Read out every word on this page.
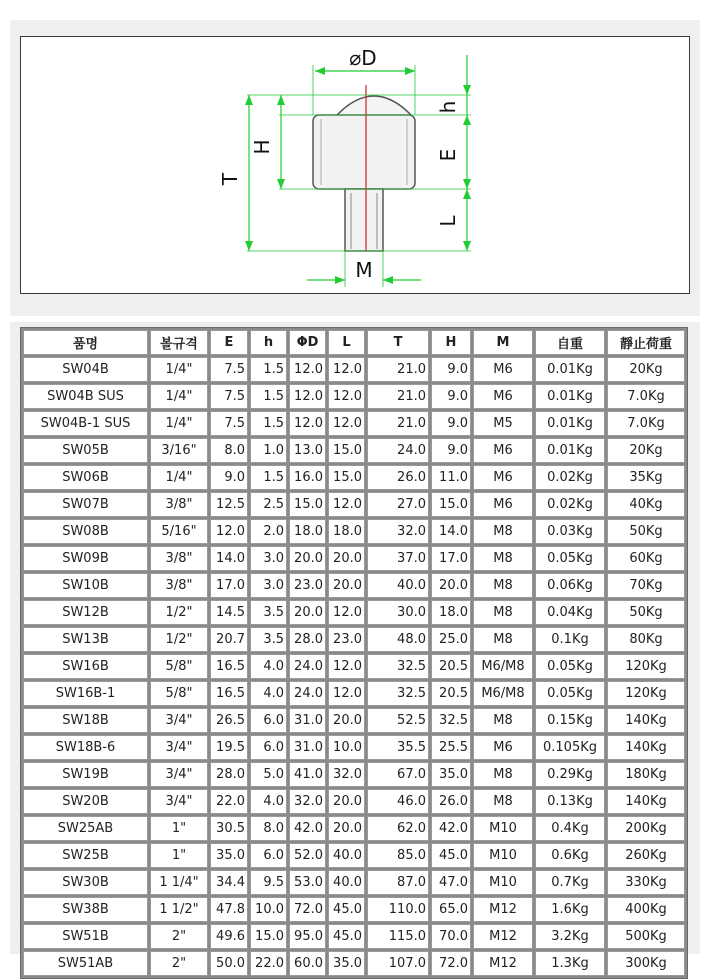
⌀D
h
E
L
T
H
M
품명	볼규격	E	h	ΦD	L	T	H	M	自重	靜止荷重
SW04B	1/4"	7.5	1.5	12.0	12.0	21.0	9.0	M6	0.01Kg	20Kg
SW04B SUS	1/4"	7.5	1.5	12.0	12.0	21.0	9.0	M6	0.01Kg	7.0Kg
SW04B-1 SUS	1/4"	7.5	1.5	12.0	12.0	21.0	9.0	M5	0.01Kg	7.0Kg
SW05B	3/16"	8.0	1.0	13.0	15.0	24.0	9.0	M6	0.01Kg	20Kg
SW06B	1/4"	9.0	1.5	16.0	15.0	26.0	11.0	M6	0.02Kg	35Kg
SW07B	3/8"	12.5	2.5	15.0	12.0	27.0	15.0	M6	0.02Kg	40Kg
SW08B	5/16"	12.0	2.0	18.0	18.0	32.0	14.0	M8	0.03Kg	50Kg
SW09B	3/8"	14.0	3.0	20.0	20.0	37.0	17.0	M8	0.05Kg	60Kg
SW10B	3/8"	17.0	3.0	23.0	20.0	40.0	20.0	M8	0.06Kg	70Kg
SW12B	1/2"	14.5	3.5	20.0	12.0	30.0	18.0	M8	0.04Kg	50Kg
SW13B	1/2"	20.7	3.5	28.0	23.0	48.0	25.0	M8	0.1Kg	80Kg
SW16B	5/8"	16.5	4.0	24.0	12.0	32.5	20.5	M6/M8	0.05Kg	120Kg
SW16B-1	5/8"	16.5	4.0	24.0	12.0	32.5	20.5	M6/M8	0.05Kg	120Kg
SW18B	3/4"	26.5	6.0	31.0	20.0	52.5	32.5	M8	0.15Kg	140Kg
SW18B-6	3/4"	19.5	6.0	31.0	10.0	35.5	25.5	M6	0.105Kg	140Kg
SW19B	3/4"	28.0	5.0	41.0	32.0	67.0	35.0	M8	0.29Kg	180Kg
SW20B	3/4"	22.0	4.0	32.0	20.0	46.0	26.0	M8	0.13Kg	140Kg
SW25AB	1"	30.5	8.0	42.0	20.0	62.0	42.0	M10	0.4Kg	200Kg
SW25B	1"	35.0	6.0	52.0	40.0	85.0	45.0	M10	0.6Kg	260Kg
SW30B	1 1/4"	34.4	9.5	53.0	40.0	87.0	47.0	M10	0.7Kg	330Kg
SW38B	1 1/2"	47.8	10.0	72.0	45.0	110.0	65.0	M12	1.6Kg	400Kg
SW51B	2"	49.6	15.0	95.0	45.0	115.0	70.0	M12	3.2Kg	500Kg
SW51AB	2"	50.0	22.0	60.0	35.0	107.0	72.0	M12	1.3Kg	300Kg
